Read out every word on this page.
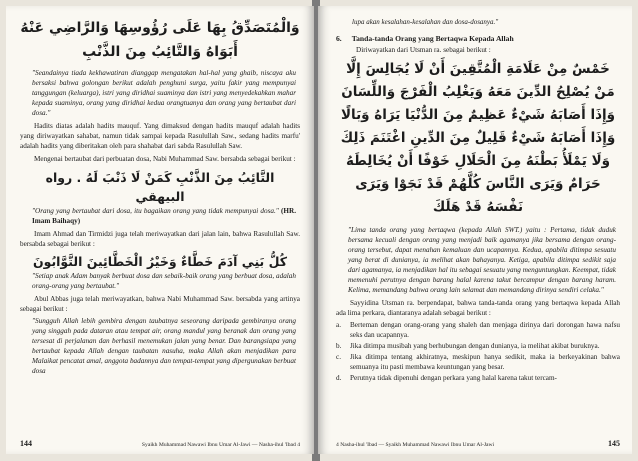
وَالْمُتَصَدِّقُ بِهَا عَلَى رُؤُوسِهَا وَالرَّاضِي عَنْهُ أَبَوَاهُ وَالتَّائِبُ مِنَ الذَّنْبِ
"Seandainya tiada kekhawatiran dianggap mengatakan hal-hal yang ghaib, niscaya aku bersaksi bahwa golongan berikut adalah penghuni surga, yaitu fakir yang mempunyai tanggungan (keluarga), istri yang diridhai suaminya dan istri yang menyedekahkan mahar kepada suaminya, orang yang diridhai kedua orangtuanya dan orang yang bertaubat dari dosa."
Hadits diatas adalah hadits mauquf. Yang dimaksud dengan hadits mauquf adalah hadits yang diriwayatkan sahabat, namun tidak sampai kepada Rasulullah Saw., sedang hadits marfu' adalah hadits yang diberitakan oleh para shahabat dari sabda Rasulullah Saw.
Mengenai bertaubat dari perbuatan dosa, Nabi Muhammad Saw. bersabda sebagai berikut :
التَّائِبُ مِنَ الذَّنْبِ كَمَنْ لَا ذَنْبَ لَهُ . رواه البيهقي
"Orang yang bertaubat dari dosa, itu bagaikan orang yang tidak mempunyai dosa." (HR. Imam Baihaqy)
Imam Ahmad dan Tirmidzi juga telah meriwayatkan dari jalan lain, bahwa Rasulullah Saw. bersabda sebagai berikut :
كُلُّ بَنِي آدَمَ خَطَّاءٌ وَخَيْرُ الْخَطَّائِينَ التَّوَّابُونَ
"Setiap anak Adam banyak berbuat dosa dan sebaik-baik orang yang berbuat dosa, adalah orang-orang yang bertaubat."
Abul Abbas juga telah meriwayatkan, bahwa Nabi Muhammad Saw. bersabda yang artinya sebagai berikut :
"Sungguh Allah lebih gembira dengan taubatnya seseorang daripada gembiranya orang yang singgah pada dataran atau tempat air, orang mandul yang beranak dan orang yang tersesat di perjalanan dan berhasil menemukan jalan yang benar. Dan barangsiapa yang bertaubat kepada Allah dengan taubatan nasuha, maka Allah akan menjadikan para Malaikat pencatat amal, anggota badannya dan tempat-tempat yang dipergunakan berbuat dosa
144	Syaikh Muhammad Nawawi Ibnu Umar Al-Jawi — Nasha-ihul 'Ibad 4
lupa akan kesalahan-kesalahan dan dosa-dosanya."
6. Tanda-tanda Orang yang Bertaqwa Kepada Allah
Diriwayatkan dari Utsman ra. sebagai berikut :
خَمْسٌ مِنْ عَلَامَةِ الْمُتَّقِينَ أَنْ لَا يُجَالِسَ إِلَّا مَنْ يُصْلِحُ الدِّينَ مَعَهُ وَيَغْلِبُ الْفَرْجَ وَاللِّسَانَ وَإِذَا أَصَابَهُ شَيْءٌ عَظِيمٌ مِنَ الدُّنْيَا يَرَاهُ وَبَالًا وَإِذَا أَصَابَهُ شَيْءٌ قَلِيلٌ مِنَ الدِّينِ اغْتَنَمَ ذَلِكَ وَلَا يَمْلَأُ بَطْنَهُ مِنَ الْحَلَالِ خَوْفًا أَنْ يُخَالِطَهُ حَرَامٌ وَيَرَى النَّاسَ كُلَّهُمْ قَدْ نَجَوْا وَيَرَى نَفْسَهُ قَدْ هَلَكَ
"Lima tanda orang yang bertaqwa (kepada Allah SWT.) yaitu : Pertama, tidak duduk bersama kecuali dengan orang yang menjadi baik agamanya jika bersama dengan orang-orang tersebut, dapat menahan kemaluan dan ucapannya. Kedua, apabila ditimpa sesuatu yang berat di dunianya, ia melihat akan bahayanya. Ketiga, apabila ditimpa sedikit saja dari agamanya, ia menjadikan hal itu sebagai sesuatu yang menguntungkan. Keempat, tidak memenuhi perutnya dengan barang halal karena takut bercampur dengan barang haram. Kelima, memandang bahwa orang lain selamat dan memandang dirinya sendiri celaka."
Sayyidina Utsman ra. berpendapat, bahwa tanda-tanda orang yang bertaqwa kepada Allah ada lima perkara, diantaranya adalah sebagai berikut :
a.	Berteman dengan orang-orang yang shaleh dan menjaga dirinya dari dorongan hawa nafsu seks dan ucapannya.
b.	Jika ditimpa musibah yang berhubungan dengan dunianya, ia melihat akibat buruknya.
c.	Jika ditimpa tentang akhiratnya, meskipun hanya sedikit, maka ia berkeyakinan bahwa semuanya itu pasti membawa keuntungan yang besar.
d.	Perutnya tidak dipenuhi dengan perkara yang halal karena takut tercam-
4 Nasha-ihul 'Ibad — Syaikh Muhammad Nawawi Ibnu Umar Al-Jawi	145
